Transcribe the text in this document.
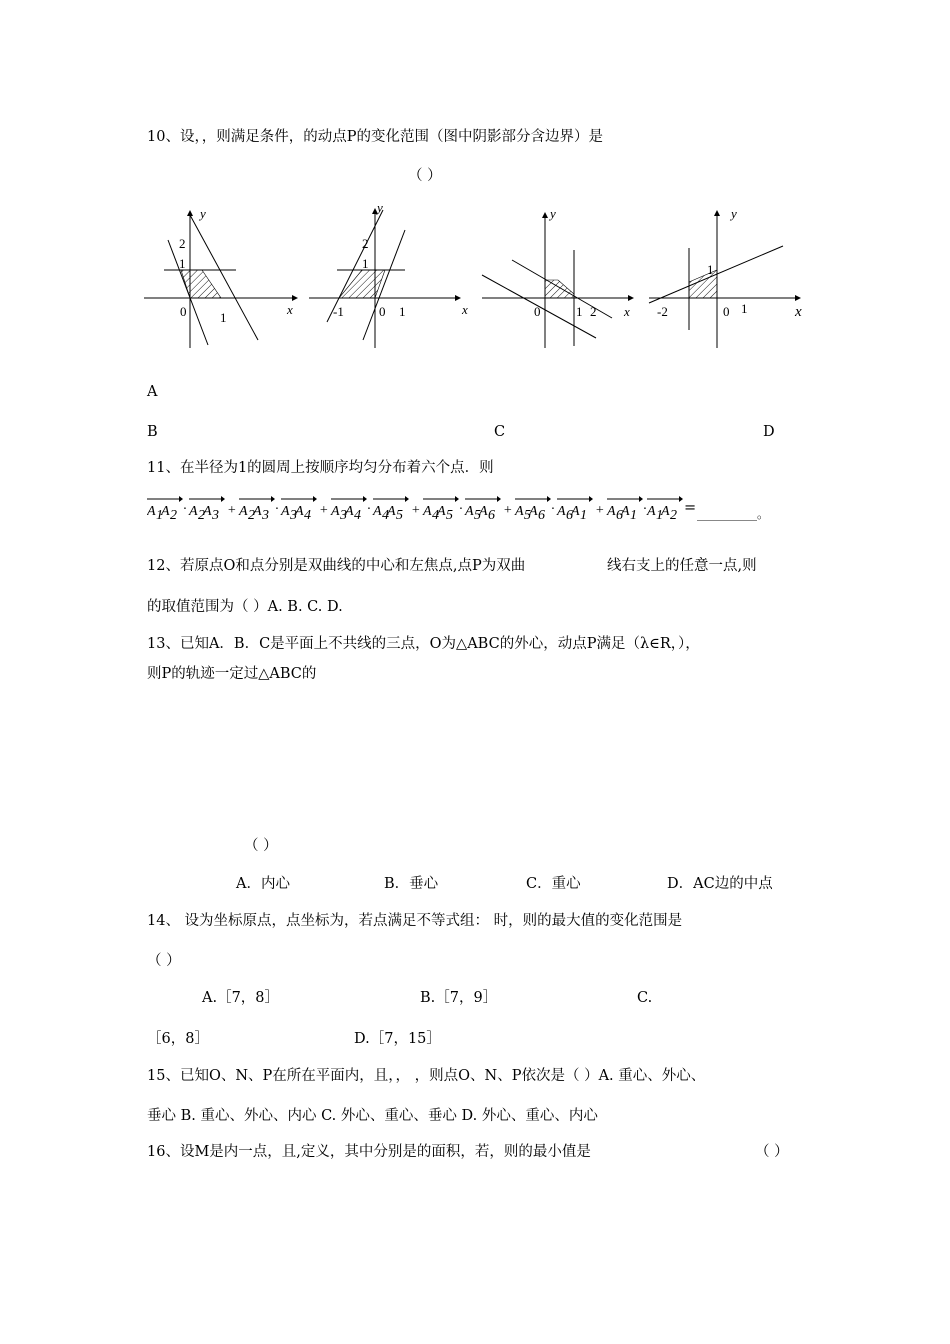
10、设，，则满足条件，的动点P的变化范围（图中阴影部分含边界）是
（ ）
y
x
0
2
1
1
y
x
0
2
1
-1	1
y
x
0	1 2
y
x
0
1
-2	1
A
B	C	D
11、在半径为1的圆周上按顺序均匀分布着六个点．则
A 1
A 2 · A 2
A 3 + A 2
A 3 · A 3
A 4 + A 3
A 4 · A 4
A 5 + A 4
A 5 · A 5
A 6 + A 5
A 6 · A 6
A 1 + A 6
A 1 · A 1
A 2 = __________。
12、若原点O和点分别是双曲线的中心和左焦点,点P为双曲	线右支上的任意一点,则
的取值范围为（ ）A. B. C. D.
13、已知A．B．C是平面上不共线的三点，O为△ABC的外心，动点P满足（λ∈R，），
则P的轨迹一定过△ABC的
（ ）
A．内心	B．垂心	C．重心	D．AC边的中点
14、 设为坐标原点，点坐标为，若点满足不等式组： 时，则的最大值的变化范围是
（ ）
A.［7，8］	B.［7，9］	C.
［6，8］	D.［7，15］
15、已知O、N、P在所在平面内，且，， ，则点O、N、P依次是（ ）A. 重心、外心、
垂心 B. 重心、外心、内心 C. 外心、重心、垂心 D. 外心、重心、内心
16、设M是内一点，且,定义，其中分别是的面积，若，则的最小值是	（ ）
